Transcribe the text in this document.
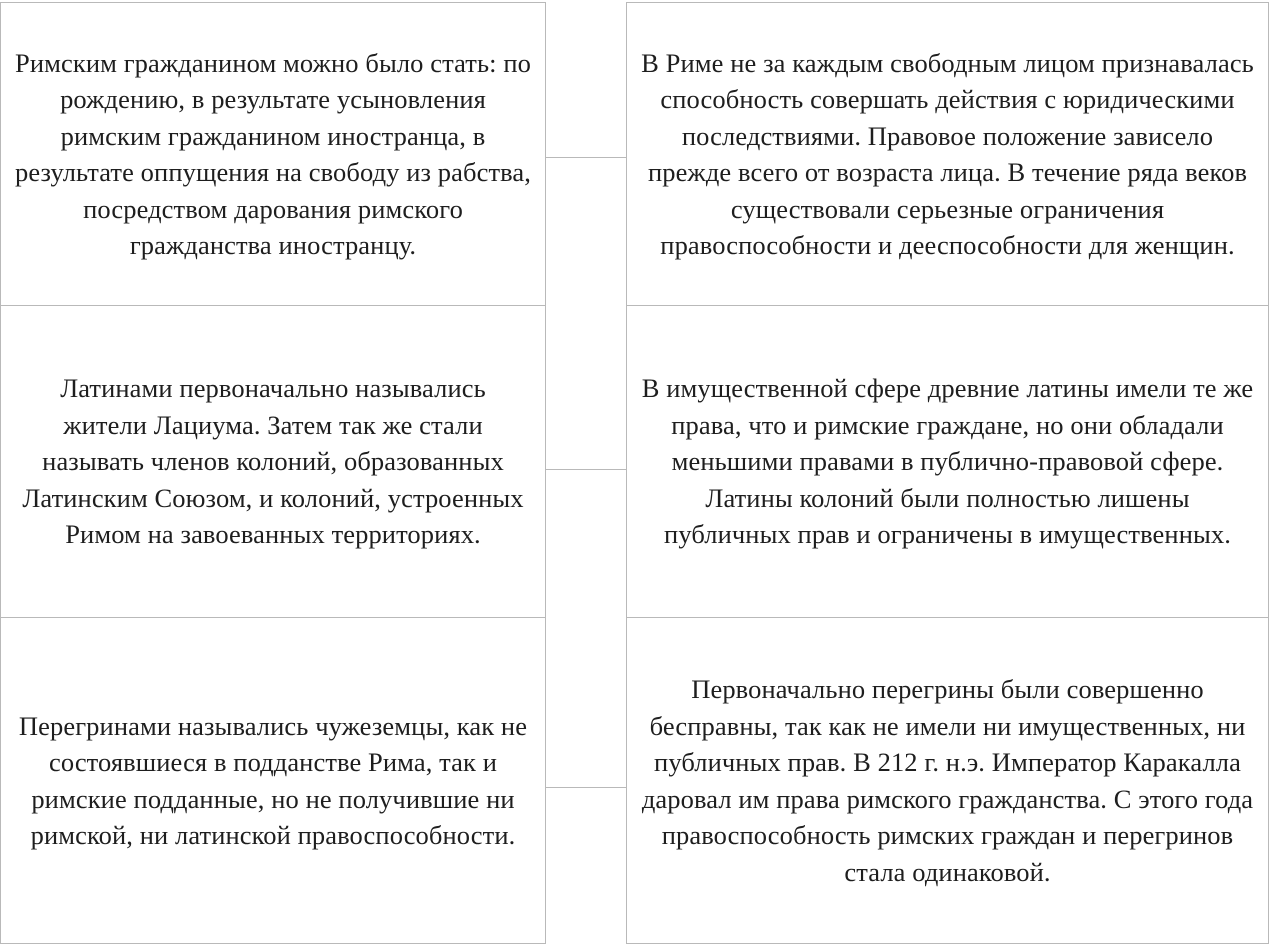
Римским гражданином можно было стать: по рождению, в результате усыновления римским гражданином иностранца, в результате оппущения на свободу из рабства, посредством дарования римского гражданства иностранцу.
В Риме не за каждым свободным лицом признавалась способность совершать действия с юридическими последствиями. Правовое положение зависело прежде всего от возраста лица. В течение ряда веков существовали серьезные ограничения правоспособности и дееспособности для женщин.
Латинами первоначально назывались жители Лациума. Затем так же стали называть членов колоний, образованных Латинским Союзом, и колоний, устроенных Римом на завоеванных территориях.
В имущественной сфере древние латины имели те же права, что и римские граждане, но они обладали меньшими правами в публично-правовой сфере. Латины колоний были полностью лишены публичных прав и ограничены в имущественных.
Перегринами назывались чужеземцы, как не состоявшиеся в подданстве Рима, так и римские подданные, но не получившие ни римской, ни латинской правоспособности.
Первоначально перегрины были совершенно бесправны, так как не имели ни имущественных, ни публичных прав. В 212 г. н.э. Император Каракалла даровал им права римского гражданства. С этого года правоспособность римских граждан и перегринов стала одинаковой.
